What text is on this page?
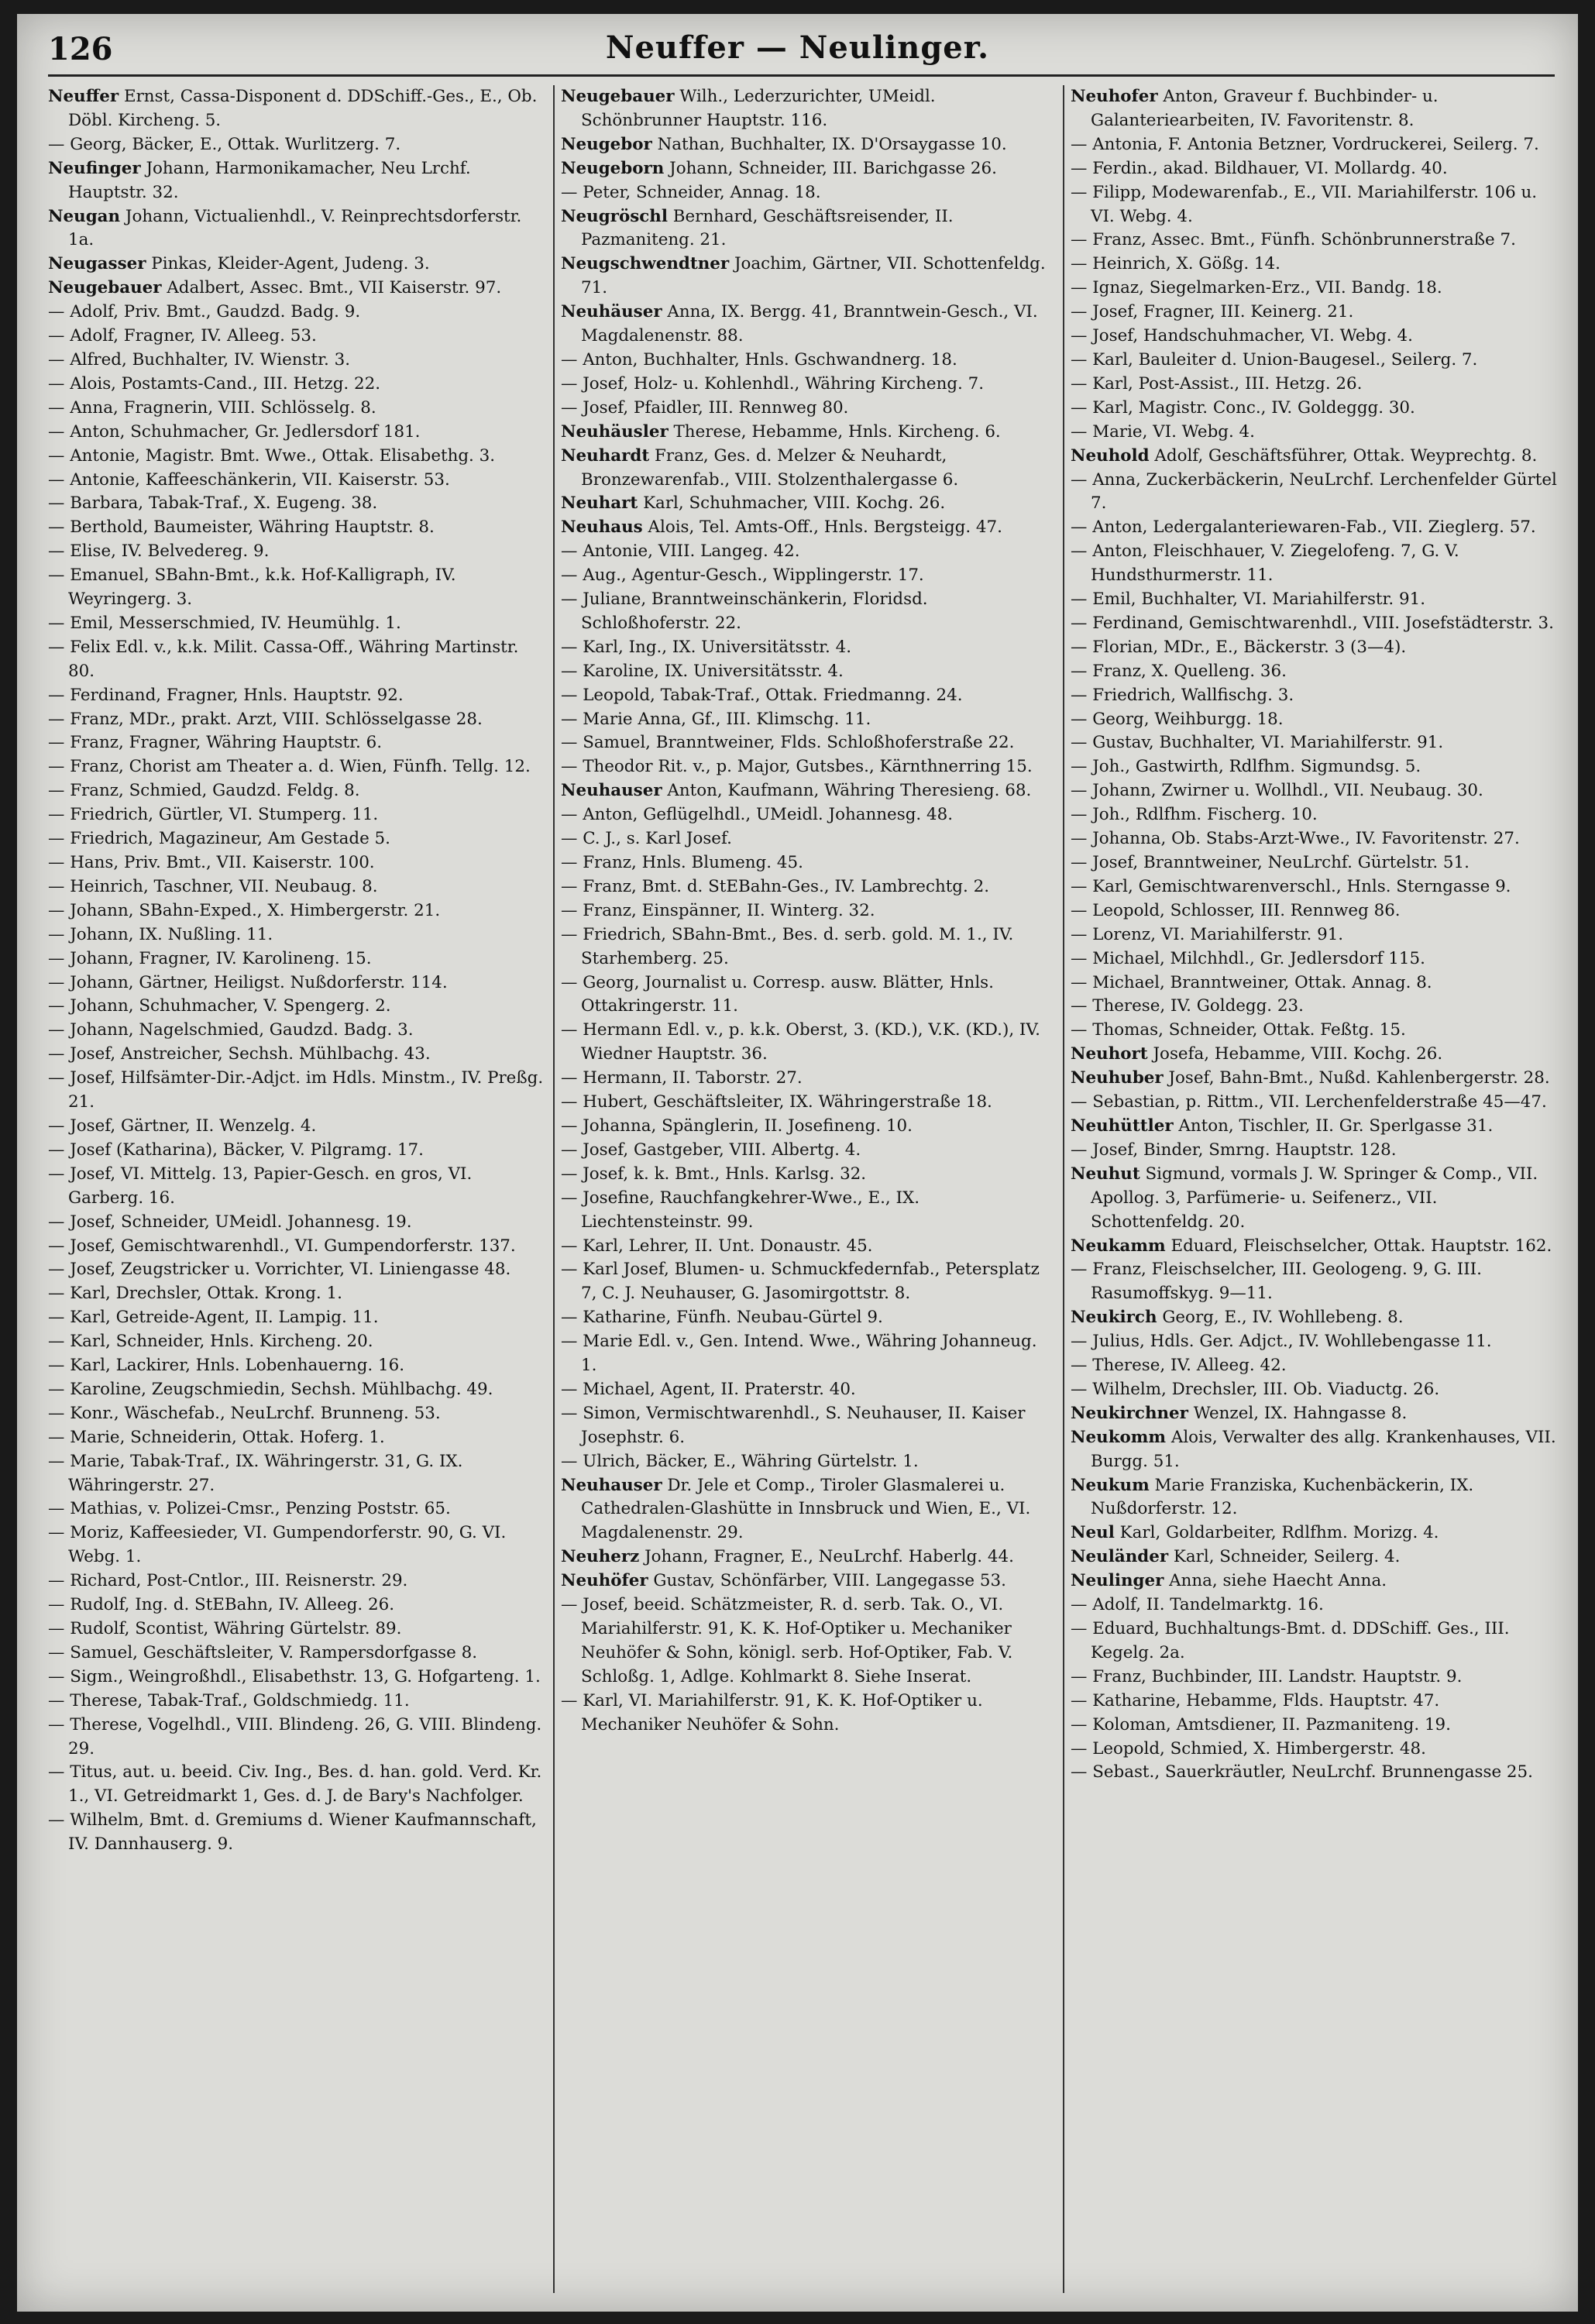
126	Neuffer — Neulinger.

Neuffer Ernst, Cassa-Disponent d. DDSchiff.-Ges., E., Ob. Döbl. Kircheng. 5.

— Georg, Bäcker, E., Ottak. Wurlitzerg. 7.

Neufinger Johann, Harmonikamacher, Neu Lrchf. Hauptstr. 32.

Neugan Johann, Victualienhdl., V. Reinprechtsdorferstr. 1a.

Neugasser Pinkas, Kleider-Agent, Judeng. 3.

Neugebauer Adalbert, Assec. Bmt., VII Kaiserstr. 97.

— Adolf, Priv. Bmt., Gaudzd. Badg. 9.

— Adolf, Fragner, IV. Alleeg. 53.

— Alfred, Buchhalter, IV. Wienstr. 3.

— Alois, Postamts-Cand., III. Hetzg. 22.

— Anna, Fragnerin, VIII. Schlösselg. 8.

— Anton, Schuhmacher, Gr. Jedlersdorf 181.

— Antonie, Magistr. Bmt. Wwe., Ottak. Elisabethg. 3.

— Antonie, Kaffeeschänkerin, VII. Kaiserstr. 53.

— Barbara, Tabak-Traf., X. Eugeng. 38.

— Berthold, Baumeister, Währing Hauptstr. 8.

— Elise, IV. Belvedereg. 9.

— Emanuel, SBahn-Bmt., k.k. Hof-Kalligraph, IV. Weyringerg. 3.

— Emil, Messerschmied, IV. Heumühlg. 1.

— Felix Edl. v., k.k. Milit. Cassa-Off., Währing Martinstr. 80.

— Ferdinand, Fragner, Hnls. Hauptstr. 92.

— Franz, MDr., prakt. Arzt, VIII. Schlösselgasse 28.

— Franz, Fragner, Währing Hauptstr. 6.

— Franz, Chorist am Theater a. d. Wien, Fünfh. Tellg. 12.

— Franz, Schmied, Gaudzd. Feldg. 8.

— Friedrich, Gürtler, VI. Stumperg. 11.

— Friedrich, Magazineur, Am Gestade 5.

— Hans, Priv. Bmt., VII. Kaiserstr. 100.

— Heinrich, Taschner, VII. Neubaug. 8.

— Johann, SBahn-Exped., X. Himbergerstr. 21.

— Johann, IX. Nußling. 11.

— Johann, Fragner, IV. Karolineng. 15.

— Johann, Gärtner, Heiligst. Nußdorferstr. 114.

— Johann, Schuhmacher, V. Spengerg. 2.

— Johann, Nagelschmied, Gaudzd. Badg. 3.

— Josef, Anstreicher, Sechsh. Mühlbachg. 43.

— Josef, Hilfsämter-Dir.-Adjct. im Hdls. Minstm., IV. Preßg. 21.

— Josef, Gärtner, II. Wenzelg. 4.

— Josef (Katharina), Bäcker, V. Pilgramg. 17.

— Josef, VI. Mittelg. 13, Papier-Gesch. en gros, VI. Garberg. 16.

— Josef, Schneider, UMeidl. Johannesg. 19.

— Josef, Gemischtwarenhdl., VI. Gumpendorferstr. 137.

— Josef, Zeugstricker u. Vorrichter, VI. Liniengasse 48.

— Karl, Drechsler, Ottak. Krong. 1.

— Karl, Getreide-Agent, II. Lampig. 11.

— Karl, Schneider, Hnls. Kircheng. 20.

— Karl, Lackirer, Hnls. Lobenhauerng. 16.

— Karoline, Zeugschmiedin, Sechsh. Mühlbachg. 49.

— Konr., Wäschefab., NeuLrchf. Brunneng. 53.

— Marie, Schneiderin, Ottak. Hoferg. 1.

— Marie, Tabak-Traf., IX. Währingerstr. 31, G. IX. Währingerstr. 27.

— Mathias, v. Polizei-Cmsr., Penzing Poststr. 65.

— Moriz, Kaffeesieder, VI. Gumpendorferstr. 90, G. VI. Webg. 1.

— Richard, Post-Cntlor., III. Reisnerstr. 29.

— Rudolf, Ing. d. StEBahn, IV. Alleeg. 26.

— Rudolf, Scontist, Währing Gürtelstr. 89.

— Samuel, Geschäftsleiter, V. Rampersdorfgasse 8.

— Sigm., Weingroßhdl., Elisabethstr. 13, G. Hofgarteng. 1.

— Therese, Tabak-Traf., Goldschmiedg. 11.

— Therese, Vogelhdl., VIII. Blindeng. 26, G. VIII. Blindeng. 29.

— Titus, aut. u. beeid. Civ. Ing., Bes. d. han. gold. Verd. Kr. 1., VI. Getreidmarkt 1, Ges. d. J. de Bary's Nachfolger.

— Wilhelm, Bmt. d. Gremiums d. Wiener Kaufmannschaft, IV. Dannhauserg. 9.

Neugebauer Wilh., Lederzurichter, UMeidl. Schönbrunner Hauptstr. 116.

Neugebor Nathan, Buchhalter, IX. D'Orsaygasse 10.

Neugeborn Johann, Schneider, III. Barichgasse 26.

— Peter, Schneider, Annag. 18.

Neugröschl Bernhard, Geschäftsreisender, II. Pazmaniteng. 21.

Neugschwendtner Joachim, Gärtner, VII. Schottenfeldg. 71.

Neuhäuser Anna, IX. Bergg. 41, Branntwein-Gesch., VI. Magdalenenstr. 88.

— Anton, Buchhalter, Hnls. Gschwandnerg. 18.

— Josef, Holz- u. Kohlenhdl., Währing Kircheng. 7.

— Josef, Pfaidler, III. Rennweg 80.

Neuhäusler Therese, Hebamme, Hnls. Kircheng. 6.

Neuhardt Franz, Ges. d. Melzer & Neuhardt, Bronzewarenfab., VIII. Stolzenthalergasse 6.

Neuhart Karl, Schuhmacher, VIII. Kochg. 26.

Neuhaus Alois, Tel. Amts-Off., Hnls. Bergsteigg. 47.

— Antonie, VIII. Langeg. 42.

— Aug., Agentur-Gesch., Wipplingerstr. 17.

— Juliane, Branntweinschänkerin, Floridsd. Schloßhoferstr. 22.

— Karl, Ing., IX. Universitätsstr. 4.

— Karoline, IX. Universitätsstr. 4.

— Leopold, Tabak-Traf., Ottak. Friedmanng. 24.

— Marie Anna, Gf., III. Klimschg. 11.

— Samuel, Branntweiner, Flds. Schloßhoferstraße 22.

— Theodor Rit. v., p. Major, Gutsbes., Kärnthnerring 15.

Neuhauser Anton, Kaufmann, Währing Theresieng. 68.

— Anton, Geflügelhdl., UMeidl. Johannesg. 48.

— C. J., s. Karl Josef.

— Franz, Hnls. Blumeng. 45.

— Franz, Bmt. d. StEBahn-Ges., IV. Lambrechtg. 2.

— Franz, Einspänner, II. Winterg. 32.

— Friedrich, SBahn-Bmt., Bes. d. serb. gold. M. 1., IV. Starhemberg. 25.

— Georg, Journalist u. Corresp. ausw. Blätter, Hnls. Ottakringerstr. 11.

— Hermann Edl. v., p. k.k. Oberst, 3. (KD.), V.K. (KD.), IV. Wiedner Hauptstr. 36.

— Hermann, II. Taborstr. 27.

— Hubert, Geschäftsleiter, IX. Währingerstraße 18.

— Johanna, Spänglerin, II. Josefineng. 10.

— Josef, Gastgeber, VIII. Albertg. 4.

— Josef, k. k. Bmt., Hnls. Karlsg. 32.

— Josefine, Rauchfangkehrer-Wwe., E., IX. Liechtensteinstr. 99.

— Karl, Lehrer, II. Unt. Donaustr. 45.

— Karl Josef, Blumen- u. Schmuckfedernfab., Petersplatz 7, C. J. Neuhauser, G. Jasomirgottstr. 8.

— Katharine, Fünfh. Neubau-Gürtel 9.

— Marie Edl. v., Gen. Intend. Wwe., Währing Johanneug. 1.

— Michael, Agent, II. Praterstr. 40.

— Simon, Vermischtwarenhdl., S. Neuhauser, II. Kaiser Josephstr. 6.

— Ulrich, Bäcker, E., Währing Gürtelstr. 1.

Neuhauser Dr. Jele et Comp., Tiroler Glasmalerei u. Cathedralen-Glashütte in Innsbruck und Wien, E., VI. Magdalenenstr. 29.

Neuherz Johann, Fragner, E., NeuLrchf. Haberlg. 44.

Neuhöfer Gustav, Schönfärber, VIII. Langegasse 53.

— Josef, beeid. Schätzmeister, R. d. serb. Tak. O., VI. Mariahilferstr. 91, K. K. Hof-Optiker u. Mechaniker Neuhöfer & Sohn, königl. serb. Hof-Optiker, Fab. V. Schloßg. 1, Adlge. Kohlmarkt 8. Siehe Inserat.

— Karl, VI. Mariahilferstr. 91, K. K. Hof-Optiker u. Mechaniker Neuhöfer & Sohn.

Neuhofer Anton, Graveur f. Buchbinder- u. Galanteriearbeiten, IV. Favoritenstr. 8.

— Antonia, F. Antonia Betzner, Vordruckerei, Seilerg. 7.

— Ferdin., akad. Bildhauer, VI. Mollardg. 40.

— Filipp, Modewarenfab., E., VII. Mariahilferstr. 106 u. VI. Webg. 4.

— Franz, Assec. Bmt., Fünfh. Schönbrunnerstraße 7.

— Heinrich, X. Gößg. 14.

— Ignaz, Siegelmarken-Erz., VII. Bandg. 18.

— Josef, Fragner, III. Keinerg. 21.

— Josef, Handschuhmacher, VI. Webg. 4.

— Karl, Bauleiter d. Union-Baugesel., Seilerg. 7.

— Karl, Post-Assist., III. Hetzg. 26.

— Karl, Magistr. Conc., IV. Goldeggg. 30.

— Marie, VI. Webg. 4.

Neuhold Adolf, Geschäftsführer, Ottak. Weyprechtg. 8.

— Anna, Zuckerbäckerin, NeuLrchf. Lerchenfelder Gürtel 7.

— Anton, Ledergalanteriewaren-Fab., VII. Zieglerg. 57.

— Anton, Fleischhauer, V. Ziegelofeng. 7, G. V. Hundsthurmerstr. 11.

— Emil, Buchhalter, VI. Mariahilferstr. 91.

— Ferdinand, Gemischtwarenhdl., VIII. Josefstädterstr. 3.

— Florian, MDr., E., Bäckerstr. 3 (3—4).

— Franz, X. Quelleng. 36.

— Friedrich, Wallfischg. 3.

— Georg, Weihburgg. 18.

— Gustav, Buchhalter, VI. Mariahilferstr. 91.

— Joh., Gastwirth, Rdlfhm. Sigmundsg. 5.

— Johann, Zwirner u. Wollhdl., VII. Neubaug. 30.

— Joh., Rdlfhm. Fischerg. 10.

— Johanna, Ob. Stabs-Arzt-Wwe., IV. Favoritenstr. 27.

— Josef, Branntweiner, NeuLrchf. Gürtelstr. 51.

— Karl, Gemischtwarenverschl., Hnls. Sterngasse 9.

— Leopold, Schlosser, III. Rennweg 86.

— Lorenz, VI. Mariahilferstr. 91.

— Michael, Milchhdl., Gr. Jedlersdorf 115.

— Michael, Branntweiner, Ottak. Annag. 8.

— Therese, IV. Goldegg. 23.

— Thomas, Schneider, Ottak. Feßtg. 15.

Neuhort Josefa, Hebamme, VIII. Kochg. 26.

Neuhuber Josef, Bahn-Bmt., Nußd. Kahlenbergerstr. 28.

— Sebastian, p. Rittm., VII. Lerchenfelderstraße 45—47.

Neuhüttler Anton, Tischler, II. Gr. Sperlgasse 31.

— Josef, Binder, Smrng. Hauptstr. 128.

Neuhut Sigmund, vormals J. W. Springer & Comp., VII. Apollog. 3, Parfümerie- u. Seifenerz., VII. Schottenfeldg. 20.

Neukamm Eduard, Fleischselcher, Ottak. Hauptstr. 162.

— Franz, Fleischselcher, III. Geologeng. 9, G. III. Rasumoffskyg. 9—11.

Neukirch Georg, E., IV. Wohllebeng. 8.

— Julius, Hdls. Ger. Adjct., IV. Wohllebengasse 11.

— Therese, IV. Alleeg. 42.

— Wilhelm, Drechsler, III. Ob. Viaductg. 26.

Neukirchner Wenzel, IX. Hahngasse 8.

Neukomm Alois, Verwalter des allg. Krankenhauses, VII. Burgg. 51.

Neukum Marie Franziska, Kuchenbäckerin, IX. Nußdorferstr. 12.

Neul Karl, Goldarbeiter, Rdlfhm. Morizg. 4.

Neuländer Karl, Schneider, Seilerg. 4.

Neulinger Anna, siehe Haecht Anna.

— Adolf, II. Tandelmarktg. 16.

— Eduard, Buchhaltungs-Bmt. d. DDSchiff. Ges., III. Kegelg. 2a.

— Franz, Buchbinder, III. Landstr. Hauptstr. 9.

— Katharine, Hebamme, Flds. Hauptstr. 47.

— Koloman, Amtsdiener, II. Pazmaniteng. 19.

— Leopold, Schmied, X. Himbergerstr. 48.

— Sebast., Sauerkräutler, NeuLrchf. Brunnengasse 25.
